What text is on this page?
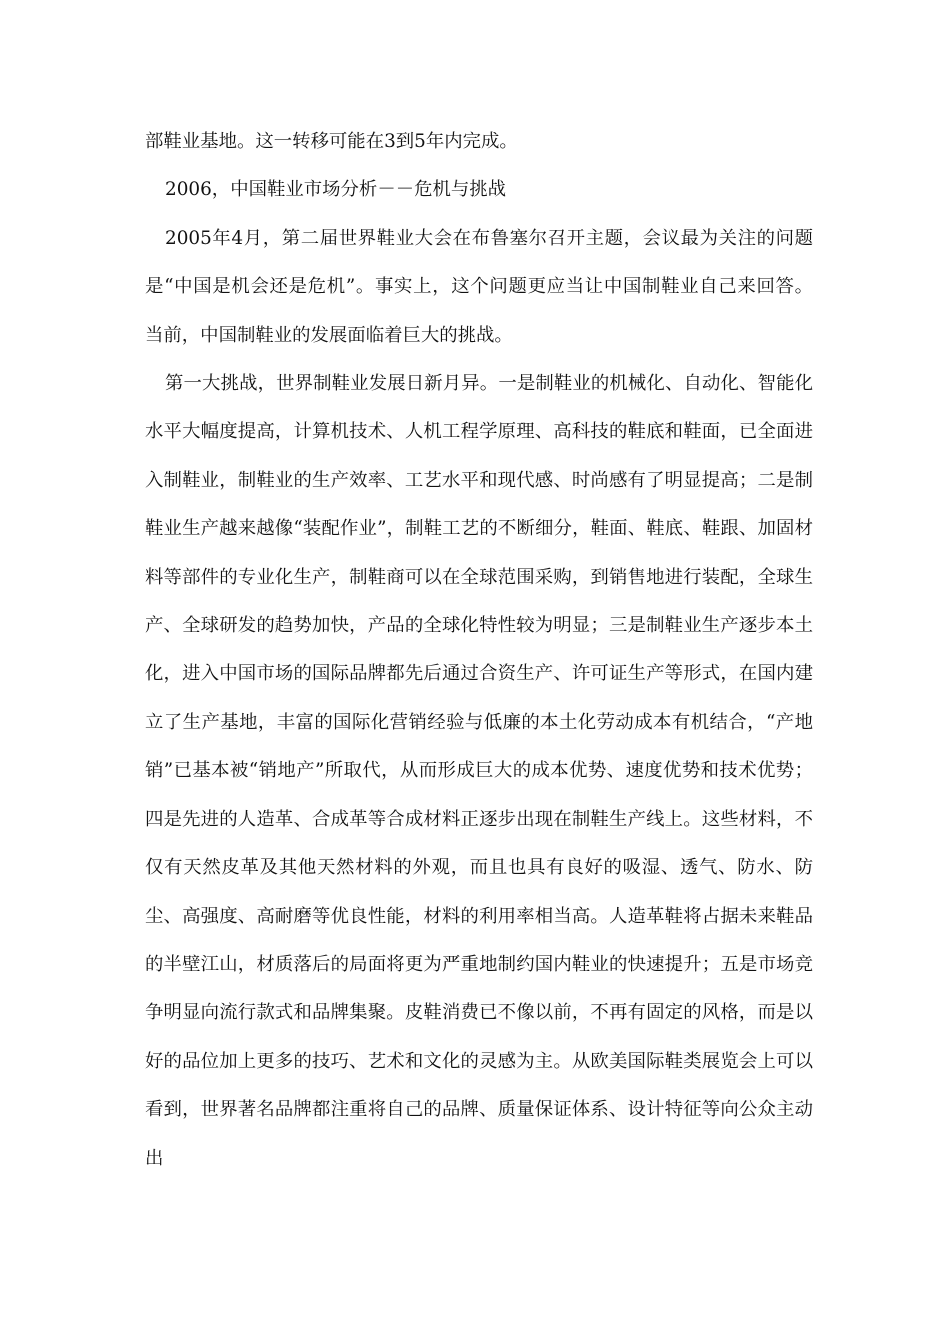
部鞋业基地。这一转移可能在3到5年内完成。

2006，中国鞋业市场分析－－危机与挑战

2005年4月，第二届世界鞋业大会在布鲁塞尔召开主题，会议最为关注的问题是“中国是机会还是危机”。事实上，这个问题更应当让中国制鞋业自己来回答。 当前，中国制鞋业的发展面临着巨大的挑战。

第一大挑战，世界制鞋业发展日新月异。一是制鞋业的机械化、自动化、智能化水平大幅度提高，计算机技术、人机工程学原理、高科技的鞋底和鞋面，已全面进入制鞋业，制鞋业的生产效率、工艺水平和现代感、时尚感有了明显提高；二是制鞋业生产越来越像“装配作业”，制鞋工艺的不断细分，鞋面、鞋底、鞋跟、加固材料等部件的专业化生产，制鞋商可以在全球范围采购，到销售地进行装配，全球生产、全球研发的趋势加快，产品的全球化特性较为明显；三是制鞋业生产逐步本土化，进入中国市场的国际品牌都先后通过合资生产、许可证生产等形式，在国内建立了生产基地，丰富的国际化营销经验与低廉的本土化劳动成本有机结合，“产地销”已基本被“销地产”所取代，从而形成巨大的成本优势、速度优势和技术优势；四是先进的人造革、合成革等合成材料正逐步出现在制鞋生产线上。这些材料，不仅有天然皮革及其他天然材料的外观，而且也具有良好的吸湿、透气、防水、防尘、高强度、高耐磨等优良性能，材料的利用率相当高。人造革鞋将占据未来鞋品的半壁江山，材质落后的局面将更为严重地制约国内鞋业的快速提升；五是市场竞争明显向流行款式和品牌集聚。皮鞋消费已不像以前，不再有固定的风格，而是以好的品位加上更多的技巧、艺术和文化的灵感为主。从欧美国际鞋类展览会上可以看到，世界著名品牌都注重将自己的品牌、质量保证体系、设计特征等向公众主动出
